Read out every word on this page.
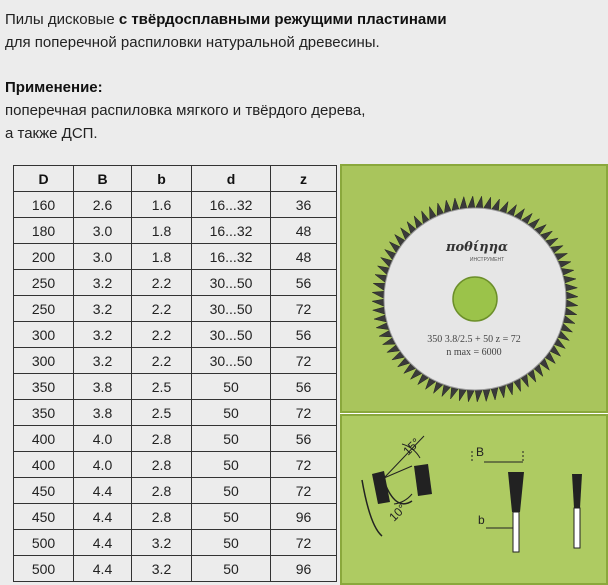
Пилы дисковые с твёрдосплавными режущими пластинами

для поперечной распиловки натуральной древесины.

Применение:

поперечная распиловка мягкого и твёрдого дерева,

а также ДСП.

D	B	b	d	z
160	2.6	1.6	16...32	36
180	3.0	1.8	16...32	48
200	3.0	1.8	16...32	48
250	3.2	2.2	30...50	56
250	3.2	2.2	30...50	72
300	3.2	2.2	30...50	56
300	3.2	2.2	30...50	72
350	3.8	2.5	50	56
350	3.8	2.5	50	72
400	4.0	2.8	50	56
400	4.0	2.8	50	72
450	4.4	2.8	50	72
450	4.4	2.8	50	96
500	4.4	3.2	50	72
500	4.4	3.2	50	96
ποθίηηα
ИНСТРУМЕНТ
350 3.8/2.5 + 50 z = 72
n max = 6000
15°
10°
B
b
